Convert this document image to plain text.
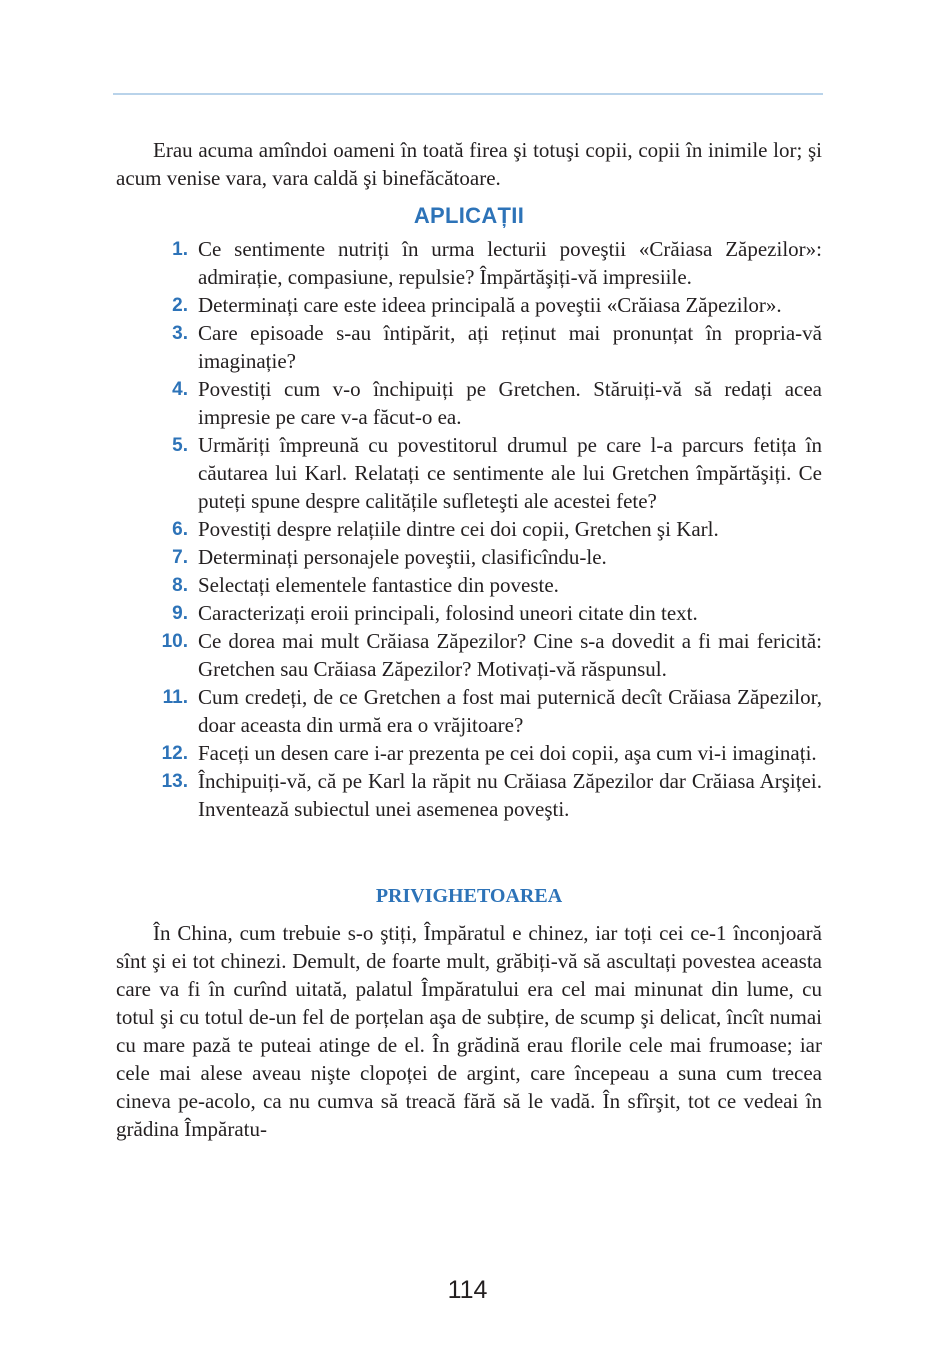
Erau acuma amîndoi oameni în toată firea şi totuşi copii, copii în inimile lor; şi acum venise vara, vara caldă şi binefăcătoare.

APLICAȚII
1. Ce sentimente nutriți în urma lecturii poveştii «Crăiasa Zăpezilor»: admirație, compasiune, repulsie? Împărtăşiți-vă impresiile.
2. Determinați care este ideea principală a poveştii «Crăiasa Zăpezilor».
3. Care episoade s-au întipărit, ați reținut mai pronunțat în propria-vă imaginație?
4. Povestiți cum v-o închipuiți pe Gretchen. Stăruiți-vă să redați acea impresie pe care v-a făcut-o ea.
5. Urmăriți împreună cu povestitorul drumul pe care l-a parcurs fetița în căutarea lui Karl. Relatați ce sentimente ale lui Gretchen împărtăşiți. Ce puteți spune despre calitățile sufleteşti ale acestei fete?
6. Povestiți despre relațiile dintre cei doi copii, Gretchen şi Karl.
7. Determinați personajele poveştii, clasificîndu-le.
8. Selectați elementele fantastice din poveste.
9. Caracterizați eroii principali, folosind uneori citate din text.
10. Ce dorea mai mult Crăiasa Zăpezilor? Cine s-a dovedit a fi mai fericită: Gretchen sau Crăiasa Zăpezilor? Motivați-vă răspunsul.
11. Cum credeți, de ce Gretchen a fost mai puternică decît Crăiasa Zăpezilor, doar aceasta din urmă era o vrăjitoare?
12. Faceți un desen care i-ar prezenta pe cei doi copii, aşa cum vi-i imaginați.
13. Închipuiți-vă, că pe Karl la răpit nu Crăiasa Zăpezilor dar Crăiasa Arşiței. Inventează subiectul unei asemenea poveşti.
PRIVIGHETOAREA

În China, cum trebuie s-o ştiți, Împăratul e chinez, iar toți cei ce-1 înconjoară sînt şi ei tot chinezi. Demult, de foarte mult, grăbiți-vă să ascultați povestea aceasta care va fi în curînd uitată, palatul Împăratului era cel mai minunat din lume, cu totul şi cu totul de-un fel de porțelan aşa de subțire, de scump şi delicat, încît numai cu mare pază te puteai atinge de el. În grădină erau florile cele mai frumoase; iar cele mai alese aveau nişte clopoței de argint, care începeau a suna cum trecea cineva pe-acolo, ca nu cumva să treacă fără să le vadă. În sfîrşit, tot ce vedeai în grădina Împăratu-

114
